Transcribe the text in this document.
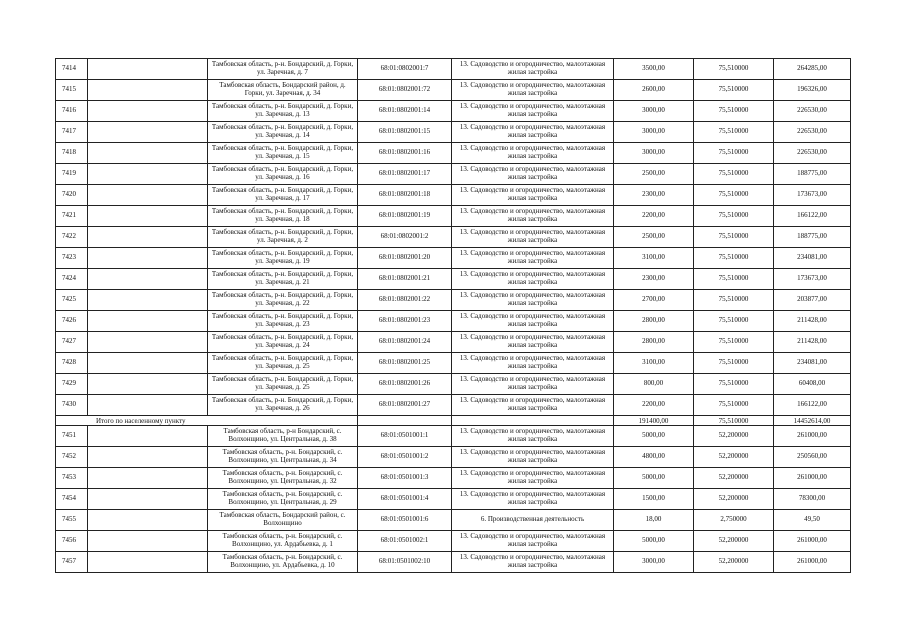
7414		Тамбовская область, р-н. Бондарский, д. Горки, ул. Заречная, д. 7	68:01:0802001:7	13. Садоводство и огородничество, малоэтажная жилая застройка	3500,00	75,510000	264285,00
7415		Тамбовская область, Бондарский район, д. Горки, ул. Заречная, д. 34	68:01:0802001:72	13. Садоводство и огородничество, малоэтажная жилая застройка	2600,00	75,510000	196326,00
7416		Тамбовская область, р-н. Бондарский, д. Горки, ул. Заречная, д. 13	68:01:0802001:14	13. Садоводство и огородничество, малоэтажная жилая застройка	3000,00	75,510000	226530,00
7417		Тамбовская область, р-н. Бондарский, д. Горки, ул. Заречная, д. 14	68:01:0802001:15	13. Садоводство и огородничество, малоэтажная жилая застройка	3000,00	75,510000	226530,00
7418		Тамбовская область, р-н. Бондарский, д. Горки, ул. Заречная, д. 15	68:01:0802001:16	13. Садоводство и огородничество, малоэтажная жилая застройка	3000,00	75,510000	226530,00
7419		Тамбовская область, р-н. Бондарский, д. Горки, ул. Заречная, д. 16	68:01:0802001:17	13. Садоводство и огородничество, малоэтажная жилая застройка	2500,00	75,510000	188775,00
7420		Тамбовская область, р-н. Бондарский, д. Горки, ул. Заречная, д. 17	68:01:0802001:18	13. Садоводство и огородничество, малоэтажная жилая застройка	2300,00	75,510000	173673,00
7421		Тамбовская область, р-н. Бондарский, д. Горки, ул. Заречная, д. 18	68:01:0802001:19	13. Садоводство и огородничество, малоэтажная жилая застройка	2200,00	75,510000	166122,00
7422		Тамбовская область, р-н. Бондарский, д. Горки, ул. Заречная, д. 2	68:01:0802001:2	13. Садоводство и огородничество, малоэтажная жилая застройка	2500,00	75,510000	188775,00
7423		Тамбовская область, р-н. Бондарский, д. Горки, ул. Заречная, д. 19	68:01:0802001:20	13. Садоводство и огородничество, малоэтажная жилая застройка	3100,00	75,510000	234081,00
7424		Тамбовская область, р-н. Бондарский, д. Горки, ул. Заречная, д. 21	68:01:0802001:21	13. Садоводство и огородничество, малоэтажная жилая застройка	2300,00	75,510000	173673,00
7425		Тамбовская область, р-н. Бондарский, д. Горки, ул. Заречная, д. 22	68:01:0802001:22	13. Садоводство и огородничество, малоэтажная жилая застройка	2700,00	75,510000	203877,00
7426		Тамбовская область, р-н. Бондарский, д. Горки, ул. Заречная, д. 23	68:01:0802001:23	13. Садоводство и огородничество, малоэтажная жилая застройка	2800,00	75,510000	211428,00
7427		Тамбовская область, р-н. Бондарский, д. Горки, ул. Заречная, д. 24	68:01:0802001:24	13. Садоводство и огородничество, малоэтажная жилая застройка	2800,00	75,510000	211428,00
7428		Тамбовская область, р-н. Бондарский, д. Горки, ул. Заречная, д. 25	68:01:0802001:25	13. Садоводство и огородничество, малоэтажная жилая застройка	3100,00	75,510000	234081,00
7429		Тамбовская область, р-н. Бондарский, д. Горки, ул. Заречная, д. 25	68:01:0802001:26	13. Садоводство и огородничество, малоэтажная жилая застройка	800,00	75,510000	60408,00
7430		Тамбовская область, р-н. Бондарский, д. Горки, ул. Заречная, д. 26	68:01:0802001:27	13. Садоводство и огородничество, малоэтажная жилая застройка	2200,00	75,510000	166122,00
Итого по населенному пункту					191400,00	75,510000	14452614,00
7451		Тамбовская область, р-н Бондарский, с. Волхонщино, ул. Центральная, д. 38	68:01:0501001:1	13. Садоводство и огородничество, малоэтажная жилая застройка	5000,00	52,200000	261000,00
7452		Тамбовская область, р-н. Бондарский, с. Волхонщино, ул. Центральная, д. 34	68:01:0501001:2	13. Садоводство и огородничество, малоэтажная жилая застройка	4800,00	52,200000	250560,00
7453		Тамбовская область, р-н. Бондарский, с. Волхонщино, ул. Центральная, д. 32	68:01:0501001:3	13. Садоводство и огородничество, малоэтажная жилая застройка	5000,00	52,200000	261000,00
7454		Тамбовская область, р-н. Бондарский, с. Волхонщино, ул. Центральная, д. 29	68:01:0501001:4	13. Садоводство и огородничество, малоэтажная жилая застройка	1500,00	52,200000	78300,00
7455		Тамбовская область, Бондарский район, с. Волхонщино	68:01:0501001:6	6. Производственная деятельность	18,00	2,750000	49,50
7456		Тамбовская область, р-н. Бондарский, с. Волхонщино, ул. Ардабьевка, д. 1	68:01:0501002:1	13. Садоводство и огородничество, малоэтажная жилая застройка	5000,00	52,200000	261000,00
7457		Тамбовская область, р-н. Бондарский, с. Волхонщино, ул. Ардабьевка, д. 10	68:01:0501002:10	13. Садоводство и огородничество, малоэтажная жилая застройка	3000,00	52,200000	261000,00
